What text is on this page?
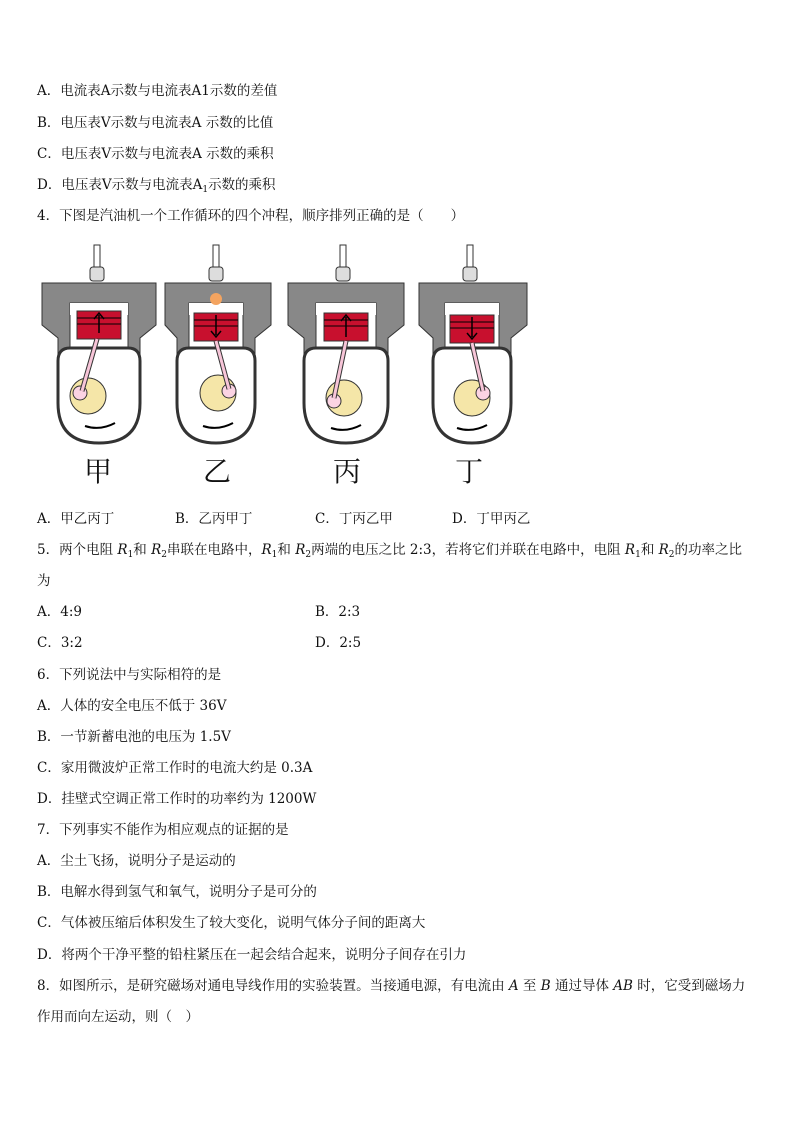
A．电流表A示数与电流表A1示数的差值
B．电压表V示数与电流表A 示数的比值
C．电压表V示数与电流表A 示数的乘积
D．电压表V示数与电流表$A_1$示数的乘积
4．下图是汽油机一个工作循环的四个冲程，顺序排列正确的是（　　）
甲	乙	丙	丁
A．甲乙丙丁	B．乙丙甲丁	C．丁丙乙甲	D．丁甲丙乙
5．两个电阻 $R_1$和 $R_2$串联在电路中，$R_1$和 $R_2$两端的电压之比 2:3，若将它们并联在电路中，电阻 $R_1$和 $R_2$的功率之比
为
A．4:9	B．2:3
C．3:2	D．2:5
6．下列说法中与实际相符的是
A．人体的安全电压不低于 36V
B．一节新蓄电池的电压为 1.5V
C．家用微波炉正常工作时的电流大约是 0.3A
D．挂壁式空调正常工作时的功率约为 1200W
7．下列事实不能作为相应观点的证据的是
A．尘土飞扬，说明分子是运动的
B．电解水得到氢气和氧气，说明分子是可分的
C．气体被压缩后体积发生了较大变化，说明气体分子间的距离大
D．将两个干净平整的铅柱紧压在一起会结合起来，说明分子间存在引力
8．如图所示，是研究磁场对通电导线作用的实验装置。当接通电源，有电流由 A 至 B 通过导体 AB 时，它受到磁场力
作用而向左运动，则（　）
